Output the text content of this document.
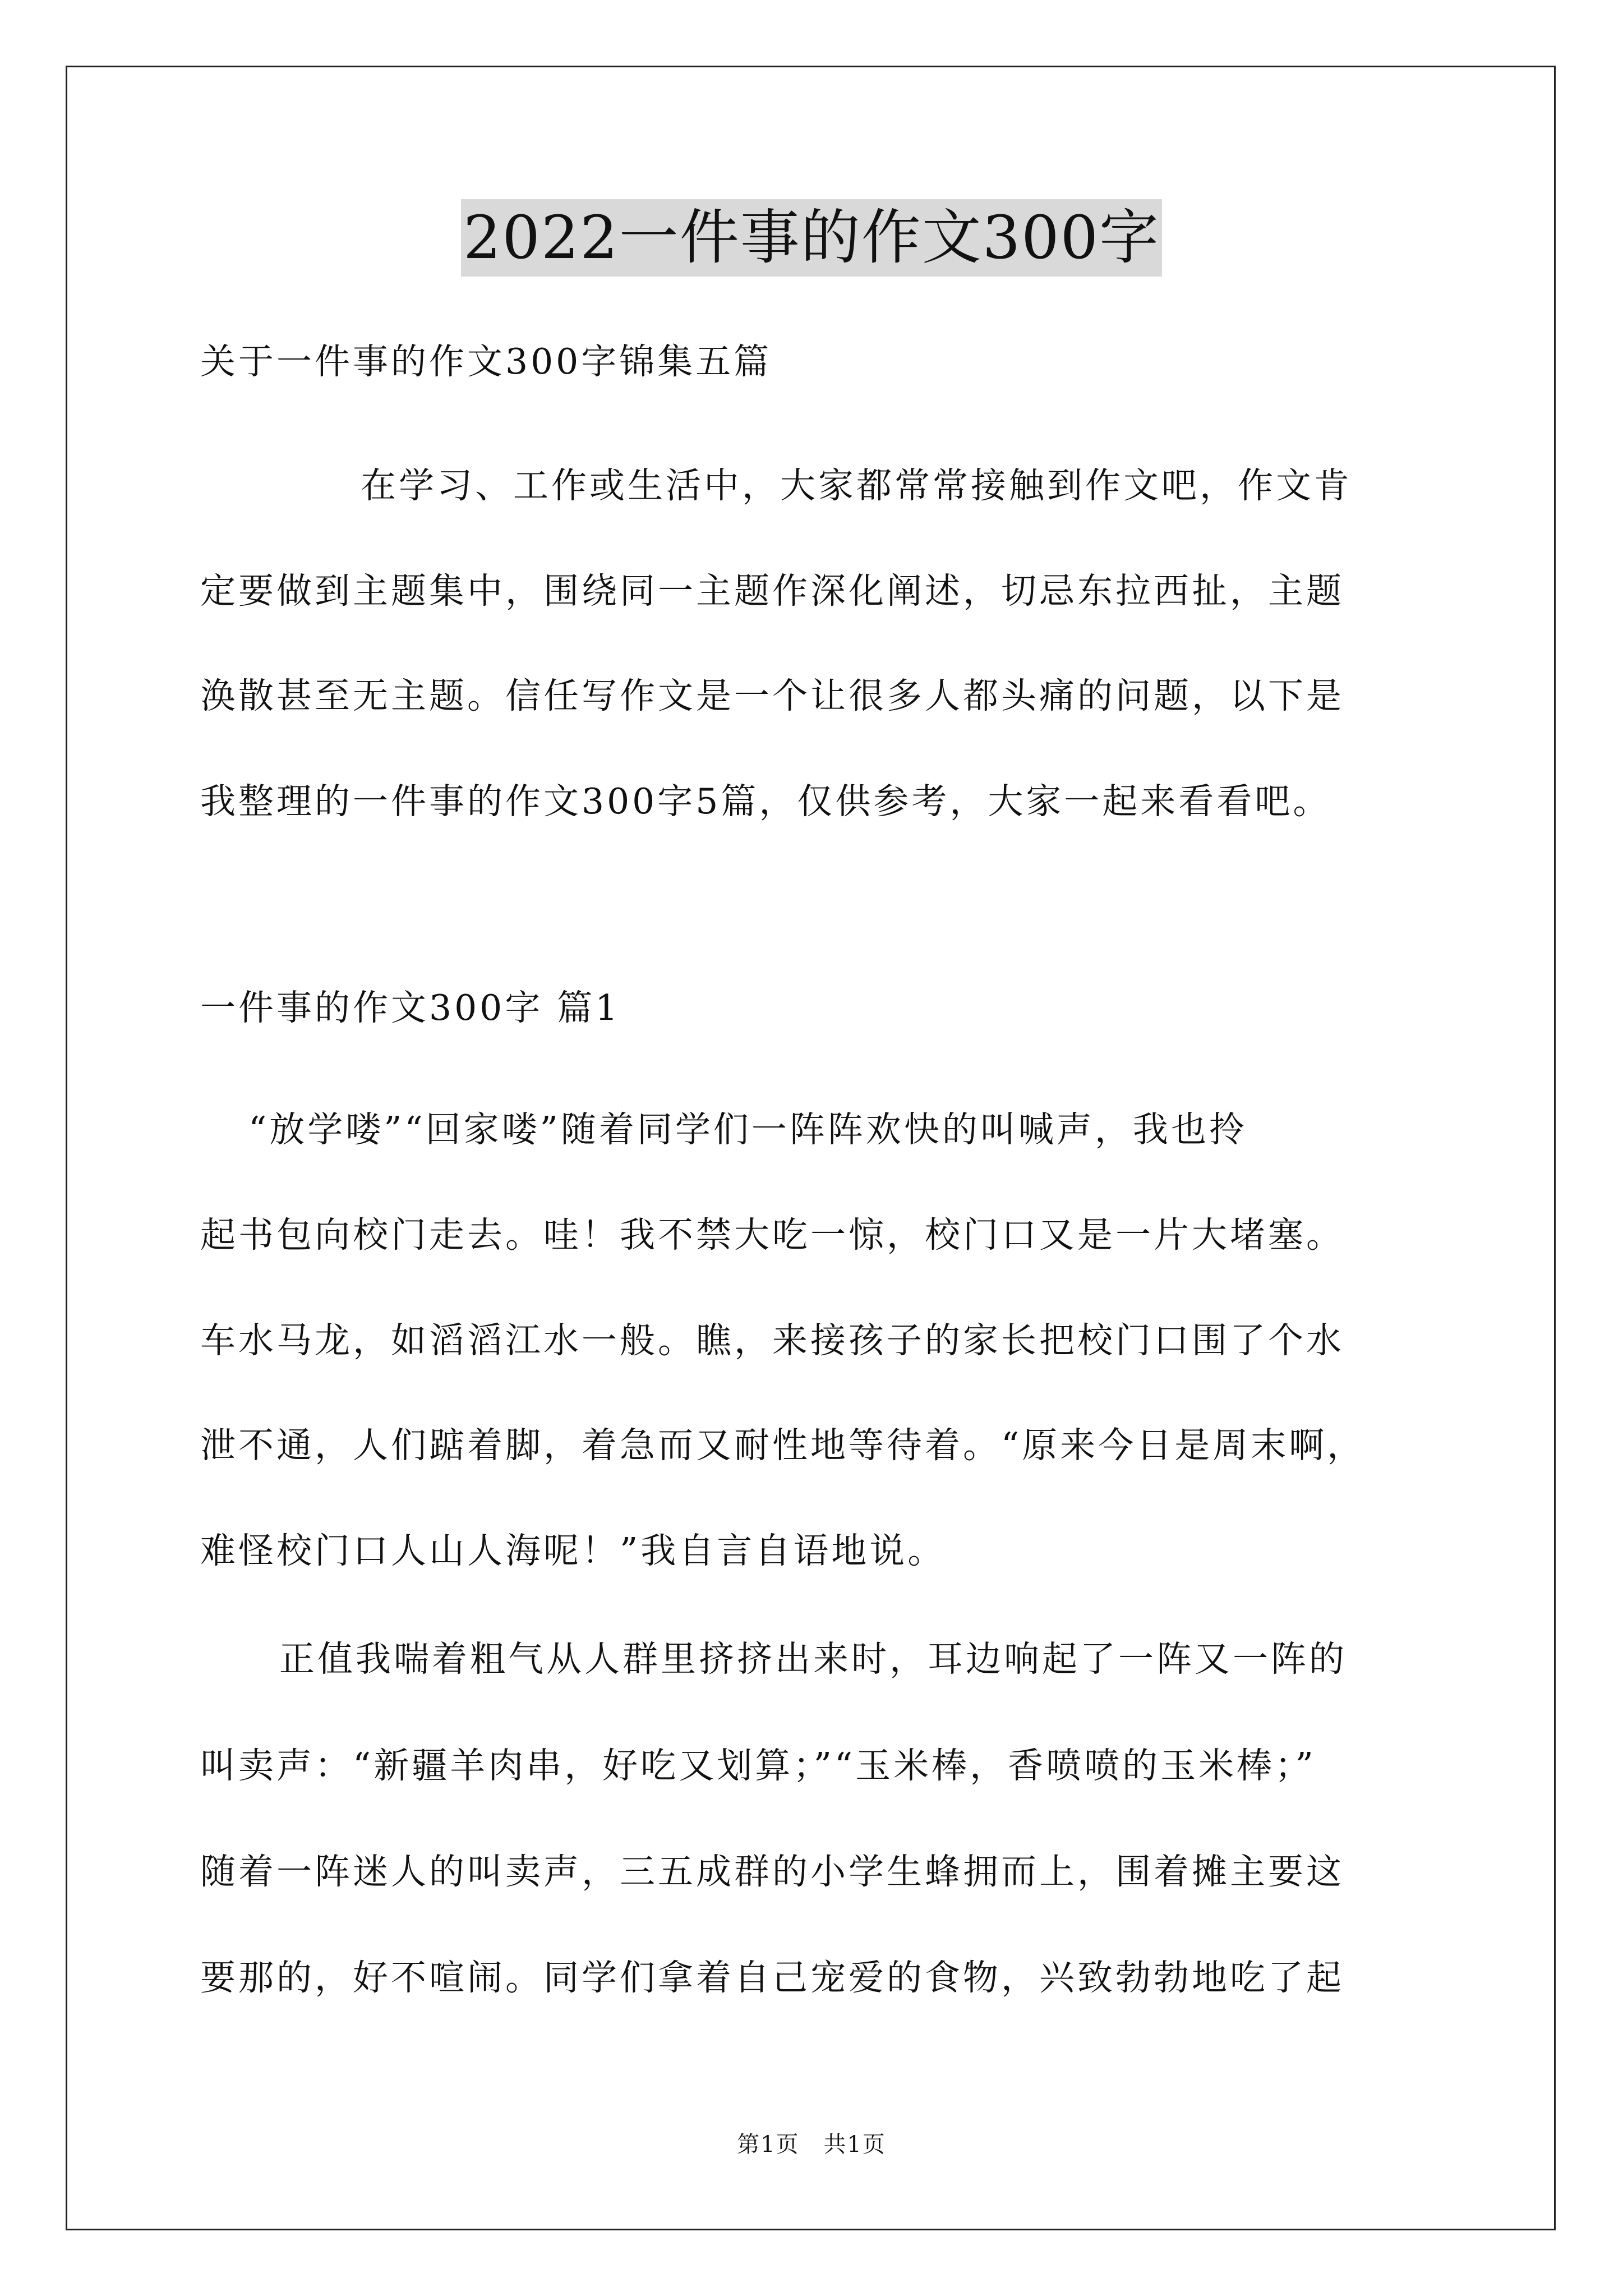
2022一件事的作文300字
关于一件事的作文300字锦集五篇
在学习、工作或生活中，大家都常常接触到作文吧，作文肯
定要做到主题集中，围绕同一主题作深化阐述，切忌东拉西扯，主题
涣散甚至无主题。信任写作文是一个让很多人都头痛的问题，以下是
我整理的一件事的作文300字5篇，仅供参考，大家一起来看看吧。
一件事的作文300字 篇1
“放学喽”“回家喽”随着同学们一阵阵欢快的叫喊声，我也拎
起书包向校门走去。哇！我不禁大吃一惊，校门口又是一片大堵塞。
车水马龙，如滔滔江水一般。瞧，来接孩子的家长把校门口围了个水
泄不通，人们踮着脚，着急而又耐性地等待着。“原来今日是周末啊，
难怪校门口人山人海呢！”我自言自语地说。
正值我喘着粗气从人群里挤挤出来时，耳边响起了一阵又一阵的
叫卖声：“新疆羊肉串，好吃又划算；”“玉米棒，香喷喷的玉米棒；”
随着一阵迷人的叫卖声，三五成群的小学生蜂拥而上，围着摊主要这
要那的，好不喧闹。同学们拿着自己宠爱的食物，兴致勃勃地吃了起
第1页 共1页
